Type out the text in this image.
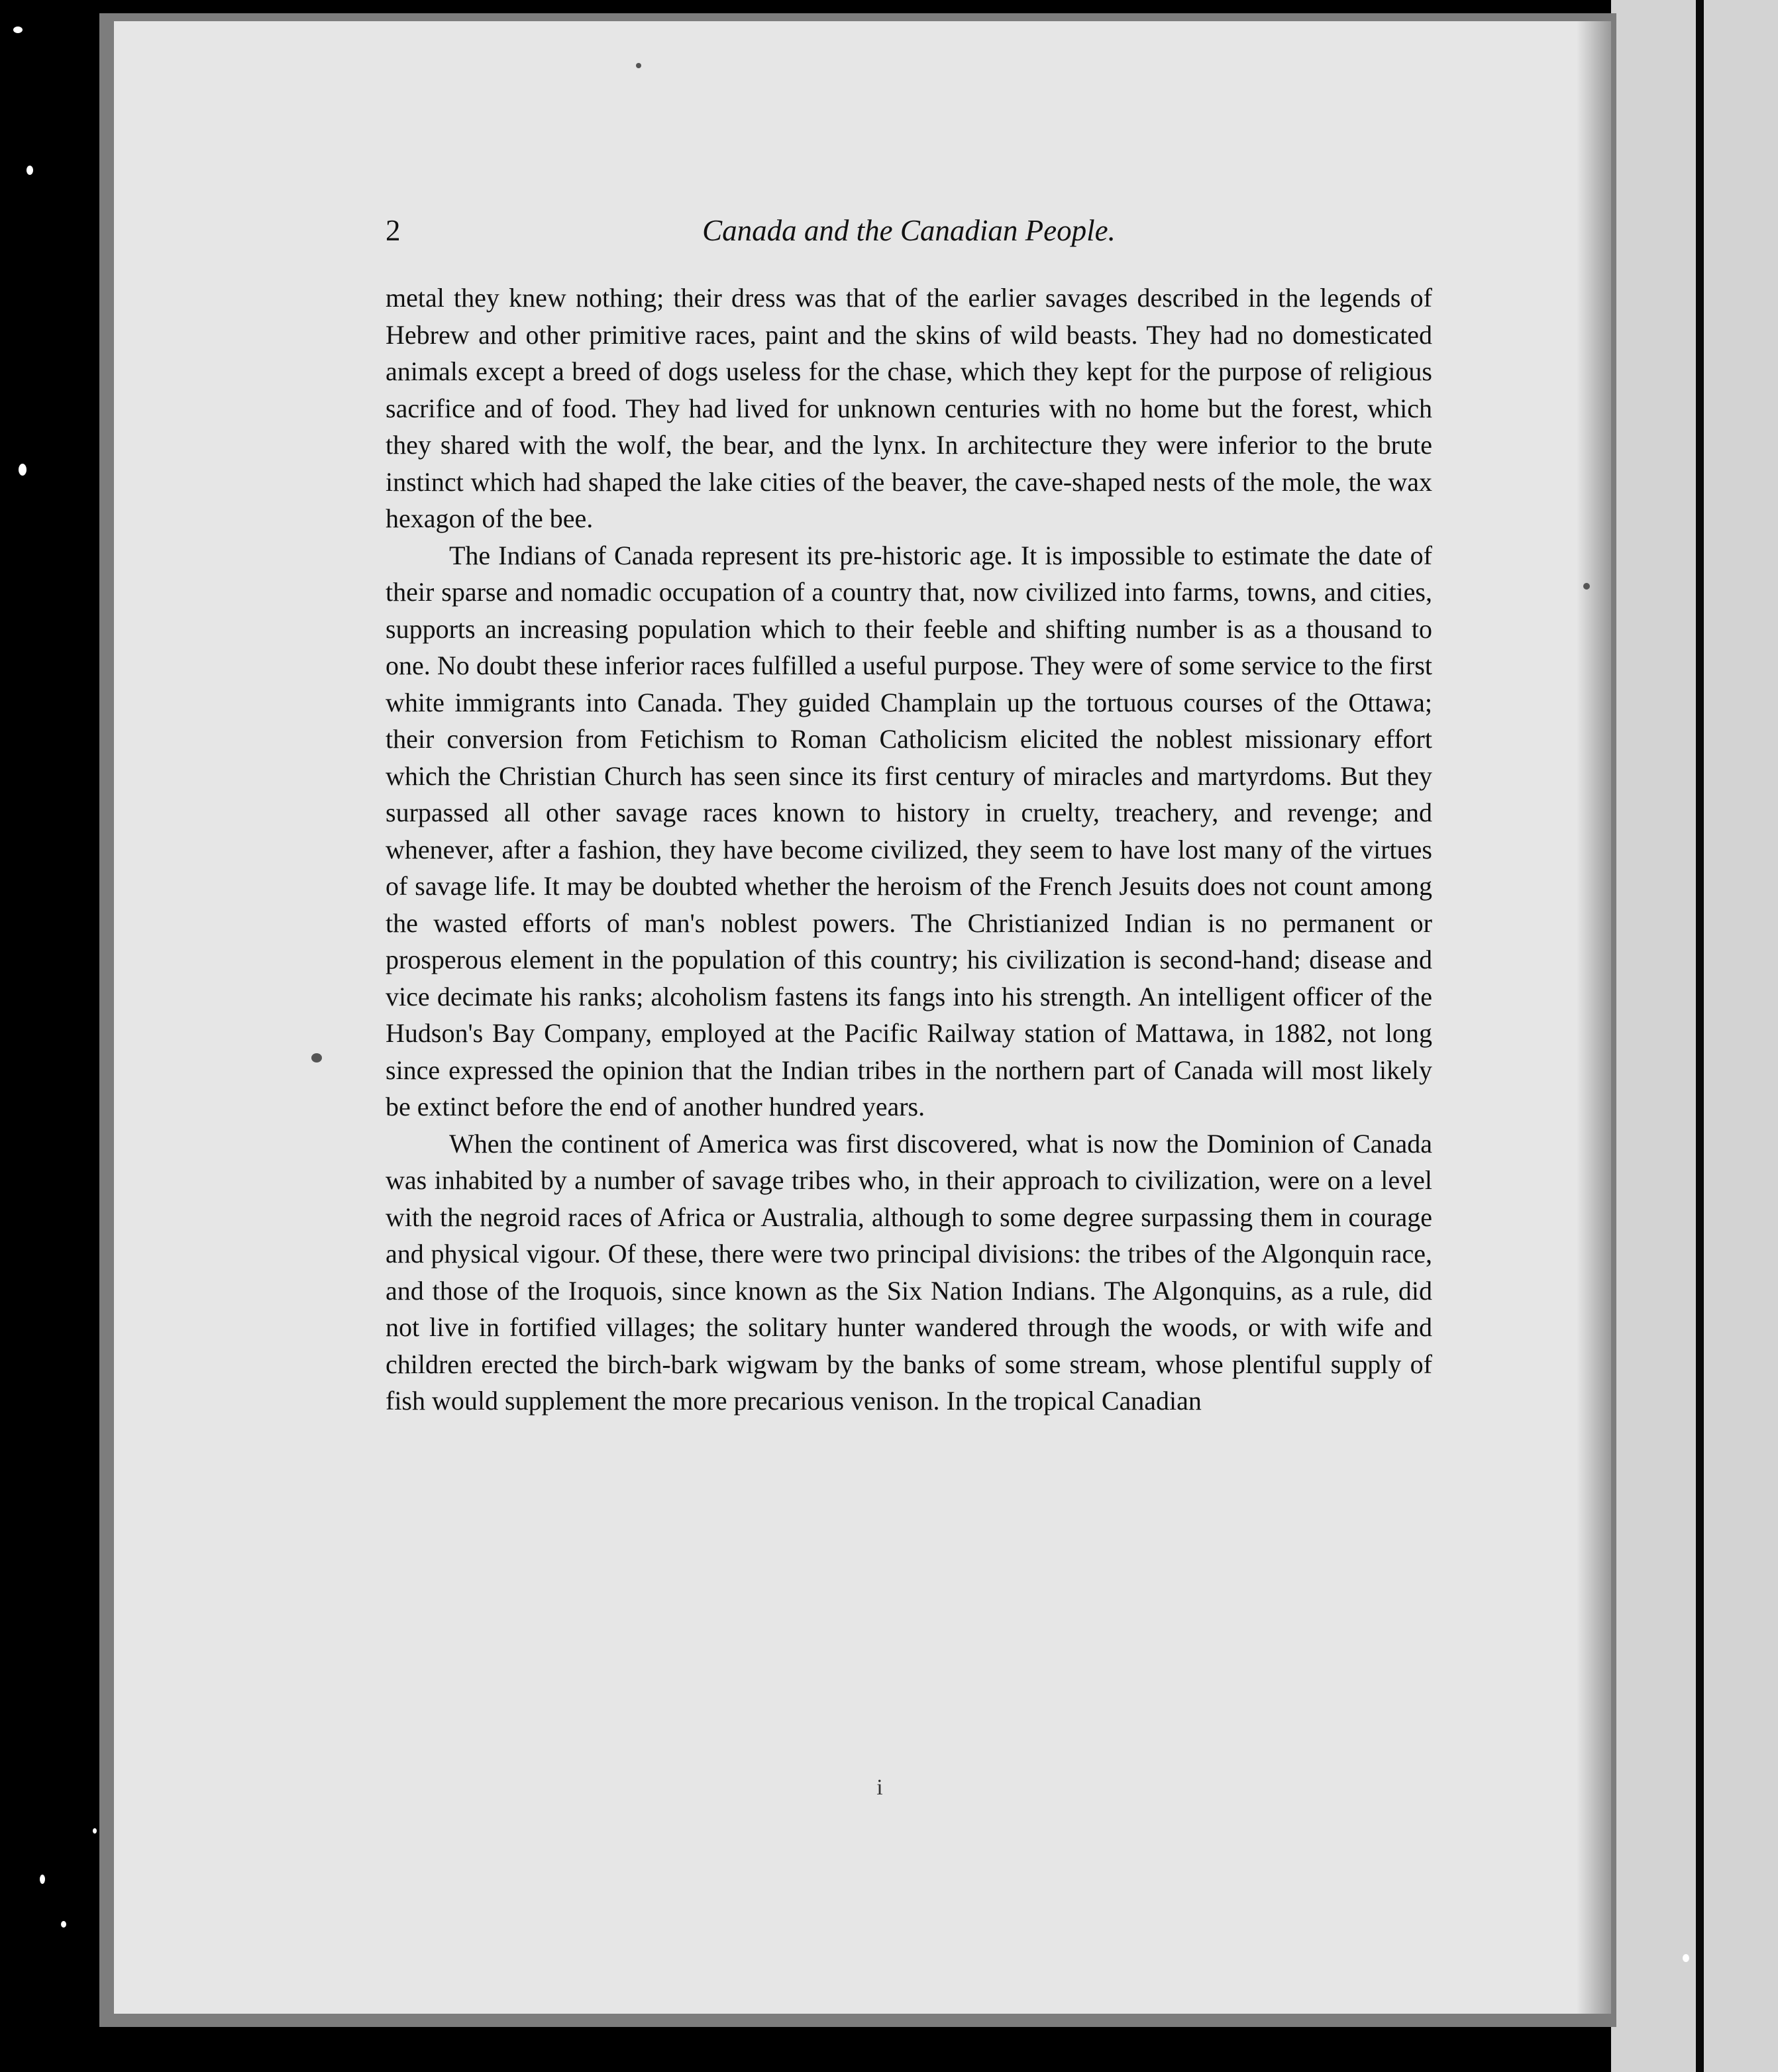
2	Canada and the Canadian People.

metal they knew nothing; their dress was that of the earlier savages described in the legends of Hebrew and other primitive races, paint and the skins of wild beasts. They had no domesticated animals except a breed of dogs useless for the chase, which they kept for the purpose of religious sacrifice and of food. They had lived for unknown centuries with no home but the forest, which they shared with the wolf, the bear, and the lynx. In architecture they were inferior to the brute instinct which had shaped the lake cities of the beaver, the cave-shaped nests of the mole, the wax hexagon of the bee.

The Indians of Canada represent its pre-historic age. It is impossible to estimate the date of their sparse and nomadic occupation of a country that, now civilized into farms, towns, and cities, supports an increasing population which to their feeble and shifting number is as a thousand to one. No doubt these inferior races fulfilled a useful purpose. They were of some service to the first white immigrants into Canada. They guided Champlain up the tortuous courses of the Ottawa; their conversion from Fetichism to Roman Catholicism elicited the noblest missionary effort which the Christian Church has seen since its first century of miracles and martyrdoms. But they surpassed all other savage races known to history in cruelty, treachery, and revenge; and whenever, after a fashion, they have become civilized, they seem to have lost many of the virtues of savage life. It may be doubted whether the heroism of the French Jesuits does not count among the wasted efforts of man's noblest powers. The Christianized Indian is no permanent or prosperous element in the population of this country; his civilization is second-hand; disease and vice decimate his ranks; alcoholism fastens its fangs into his strength. An intelligent officer of the Hudson's Bay Company, employed at the Pacific Railway station of Mattawa, in 1882, not long since expressed the opinion that the Indian tribes in the northern part of Canada will most likely be extinct before the end of another hundred years.

When the continent of America was first discovered, what is now the Dominion of Canada was inhabited by a number of savage tribes who, in their approach to civilization, were on a level with the negroid races of Africa or Australia, although to some degree surpassing them in courage and physical vigour. Of these, there were two principal divisions: the tribes of the Algonquin race, and those of the Iroquois, since known as the Six Nation Indians. The Algonquins, as a rule, did not live in fortified villages; the solitary hunter wandered through the woods, or with wife and children erected the birch-bark wigwam by the banks of some stream, whose plentiful supply of fish would supplement the more precarious venison. In the tropical Canadian

i
